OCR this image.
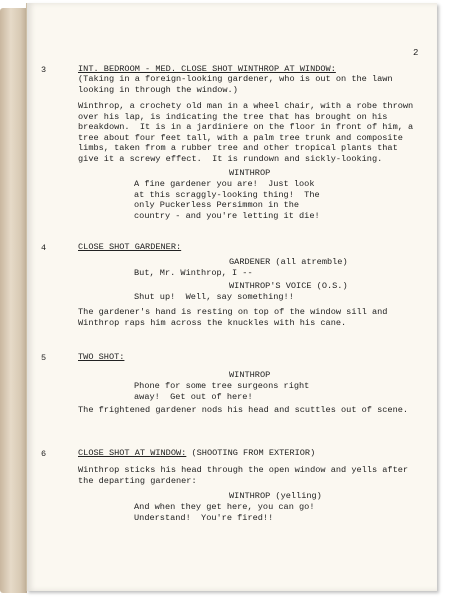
2
3	INT. BEDROOM - MED. CLOSE SHOT WINTHROP AT WINDOW:
(Taking in a foreign-looking gardener, who is out on the lawn looking in through the window.)
Winthrop, a crochety old man in a wheel chair, with a robe thrown over his lap, is indicating the tree that has brought on his breakdown.  It is in a jardiniere on the floor in front of him, a tree about four feet tall, with a palm tree trunk and composite limbs, taken from a rubber tree and other tropical plants that give it a screwy effect.  It is rundown and sickly-looking.
WINTHROP
A fine gardener you are!  Just look
at this scraggly-looking thing!  The
only Puckerless Persimmon in the
country - and you're letting it die!
4	CLOSE SHOT GARDENER:
GARDENER (all atremble)
But, Mr. Winthrop, I --
WINTHROP'S VOICE (O.S.)
Shut up!  Well, say something!!
The gardener's hand is resting on top of the window sill and Winthrop raps him across the knuckles with his cane.
5	TWO SHOT:
WINTHROP
Phone for some tree surgeons right
away!  Get out of here!
The frightened gardener nods his head and scuttles out of scene.
6	CLOSE SHOT AT WINDOW: (SHOOTING FROM EXTERIOR)
Winthrop sticks his head through the open window and yells after the departing gardener:
WINTHROP (yelling)
And when they get here, you can go!
Understand!  You're fired!!
